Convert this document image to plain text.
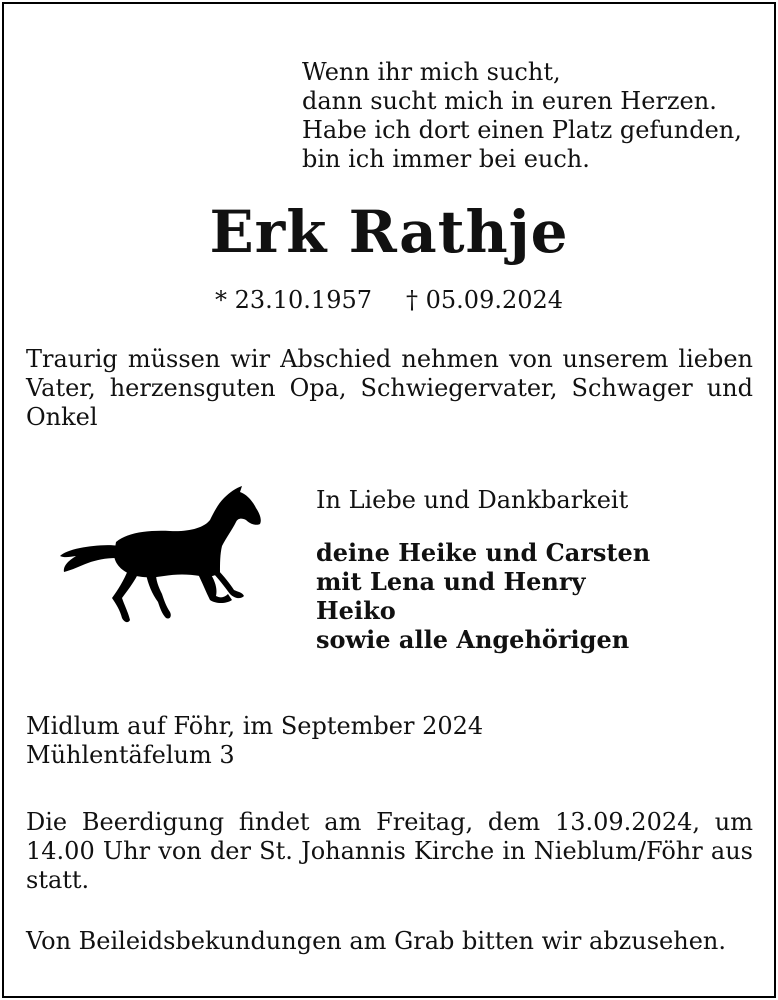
Wenn ihr mich sucht,
dann sucht mich in euren Herzen.
Habe ich dort einen Platz gefunden,
bin ich immer bei euch.
Erk Rathje
* 23.10.1957 † 05.09.2024
Traurig müssen wir Abschied nehmen von unserem lieben Vater, herzensguten Opa, Schwiegervater, Schwager und Onkel
In Liebe und Dankbarkeit
deine Heike und Carsten
mit Lena und Henry
Heiko
sowie alle Angehörigen
Midlum auf Föhr, im September 2024
Mühlentäfelum 3
Die Beerdigung findet am Freitag, dem 13.09.2024, um 14.00 Uhr von der St. Johannis Kirche in Nieblum/Föhr aus statt.
Von Beileidsbekundungen am Grab bitten wir abzusehen.
